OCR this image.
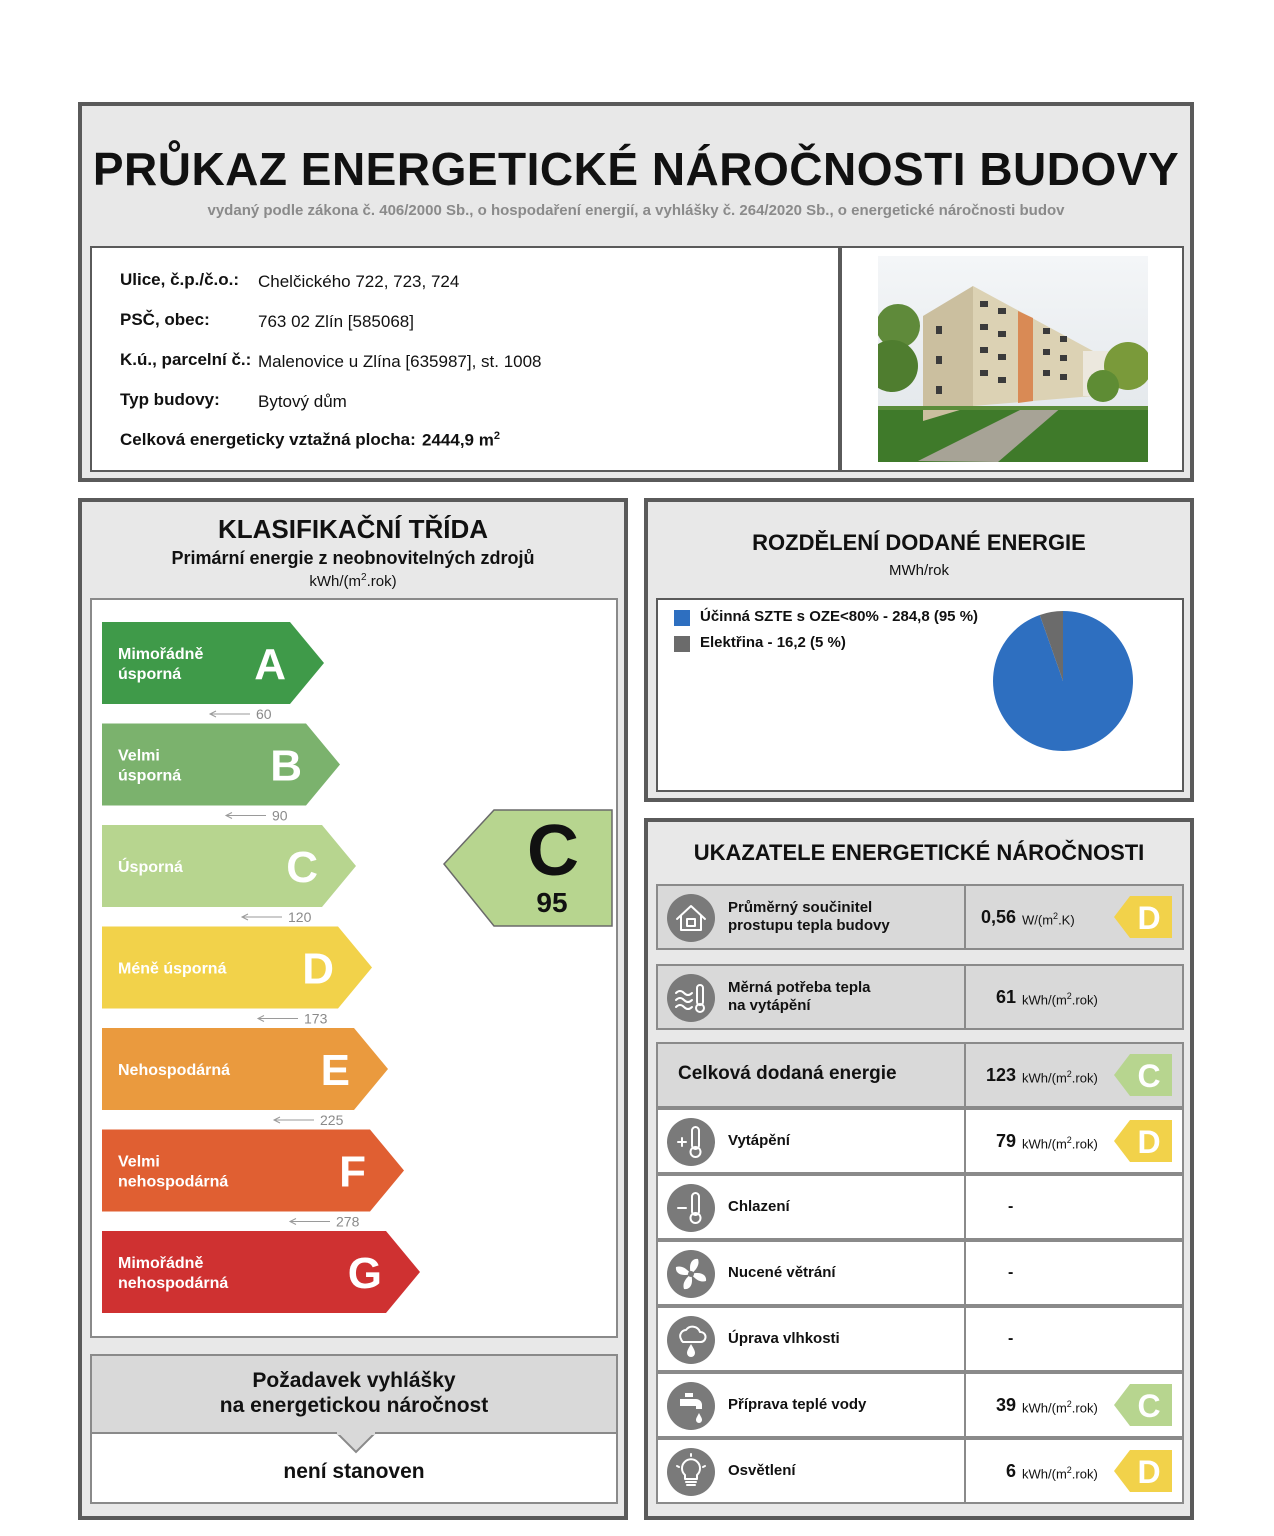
PRŮKAZ ENERGETICKÉ NÁROČNOSTI BUDOVY
vydaný podle zákona č. 406/2000 Sb., o hospodaření energií, a vyhlášky č. 264/2020 Sb., o energetické náročnosti budov
Ulice, č.p./č.o.: Chelčického 722, 723, 724
PSČ, obec:	763 02 Zlín [585068]
K.ú., parcelní č.: Malenovice u Zlína [635987], st. 1008
Typ budovy: Bytový dům
Celková energeticky vztažná plocha: 2444,9 $m^2$
KLASIFIKAČNÍ TŘÍDA
Primární energie z neobnovitelných zdrojů
kWh/$(m^2.rok)$
Mimořádně
úsporná A
60
Velmi
úsporná B
90
Úsporná C
120
Méně úsporná D
173
Nehospodárná E
225
Velmi
nehospodárná	F
278
Mimořádně
nehospodárná	G
C
95
Požadavek vyhlášky
na energetickou náročnost
není stanoven
ROZDĚLENÍ DODANÉ ENERGIE
MWh/rok
Účinná SZTE s OZE<80% - 284,8 (95 %)
Elektřina - 16,2 (5 %)
UKAZATELE ENERGETICKÉ NÁROČNOSTI
Průměrný součinitel
prostupu tepla budovy	0,56 $W/(m^2.K)$ D
Měrná potřeba tepla
na vytápění	61 kWh/$(m^2.rok)$
Celková dodaná energie	123 kWh/$(m^2.rok)$ C
Vytápění	79 kWh/$(m^2.rok)$ D
Chlazení	-
Nucené větrání	-
Úprava vlhkosti	-
Příprava teplé vody	39 kWh/$(m^2.rok)$ C
Osvětlení	6 kWh/$(m^2.rok)$ D
